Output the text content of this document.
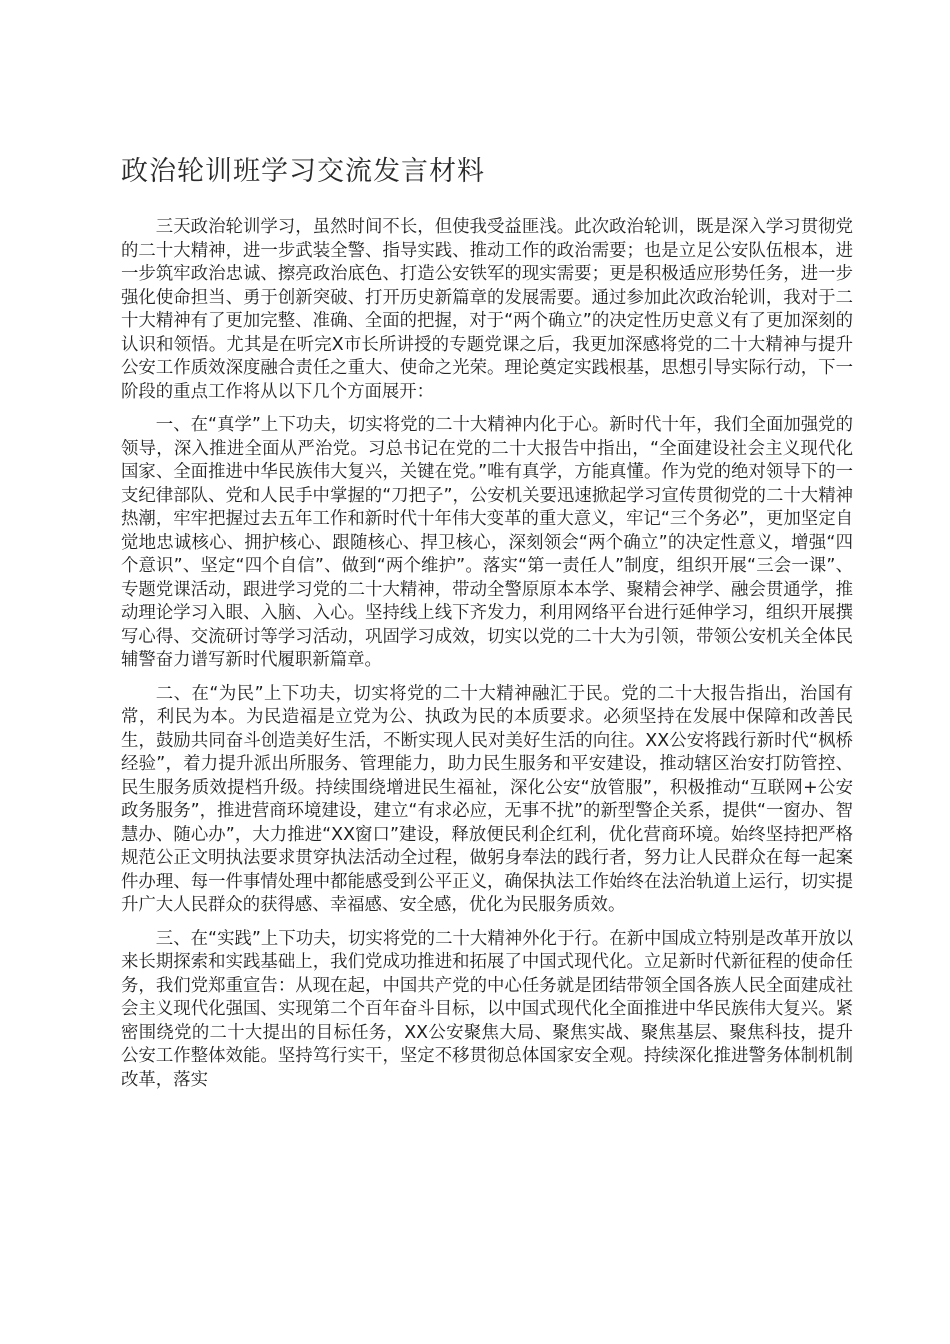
政治轮训班学习交流发言材料

三天政治轮训学习，虽然时间不长，但使我受益匪浅。此次政治轮训，既是深入学习贯彻党的二十大精神，进一步武装全警、指导实践、推动工作的政治需要；也是立足公安队伍根本，进一步筑牢政治忠诚、擦亮政治底色、打造公安铁军的现实需要；更是积极适应形势任务，进一步强化使命担当、勇于创新突破、打开历史新篇章的发展需要。通过参加此次政治轮训，我对于二十大精神有了更加完整、准确、全面的把握，对于“两个确立”的决定性历史意义有了更加深刻的认识和领悟。尤其是在听完X市长所讲授的专题党课之后，我更加深感将党的二十大精神与提升公安工作质效深度融合责任之重大、使命之光荣。理论奠定实践根基，思想引导实际行动，下一阶段的重点工作将从以下几个方面展开：

一、在“真学”上下功夫，切实将党的二十大精神内化于心。新时代十年，我们全面加强党的领导，深入推进全面从严治党。习总书记在党的二十大报告中指出，“全面建设社会主义现代化国家、全面推进中华民族伟大复兴，关键在党。”唯有真学，方能真懂。作为党的绝对领导下的一支纪律部队、党和人民手中掌握的“刀把子”，公安机关要迅速掀起学习宣传贯彻党的二十大精神热潮，牢牢把握过去五年工作和新时代十年伟大变革的重大意义，牢记“三个务必”，更加坚定自觉地忠诚核心、拥护核心、跟随核心、捍卫核心，深刻领会“两个确立”的决定性意义，增强“四个意识”、坚定“四个自信”、做到“两个维护”。落实“第一责任人”制度，组织开展“三会一课”、专题党课活动，跟进学习党的二十大精神，带动全警原原本本学、聚精会神学、融会贯通学，推动理论学习入眼、入脑、入心。坚持线上线下齐发力，利用网络平台进行延伸学习，组织开展撰写心得、交流研讨等学习活动，巩固学习成效，切实以党的二十大为引领，带领公安机关全体民辅警奋力谱写新时代履职新篇章。

二、在“为民”上下功夫，切实将党的二十大精神融汇于民。党的二十大报告指出，治国有常，利民为本。为民造福是立党为公、执政为民的本质要求。必须坚持在发展中保障和改善民生，鼓励共同奋斗创造美好生活，不断实现人民对美好生活的向往。XX公安将践行新时代“枫桥经验”，着力提升派出所服务、管理能力，助力民生服务和平安建设，推动辖区治安打防管控、民生服务质效提档升级。持续围绕增进民生福祉，深化公安“放管服”，积极推动“互联网+公安政务服务”，推进营商环境建设，建立“有求必应，无事不扰”的新型警企关系，提供“一窗办、智慧办、随心办”，大力推进“XX窗口”建设，释放便民利企红利，优化营商环境。始终坚持把严格规范公正文明执法要求贯穿执法活动全过程，做躬身奉法的践行者，努力让人民群众在每一起案件办理、每一件事情处理中都能感受到公平正义，确保执法工作始终在法治轨道上运行，切实提升广大人民群众的获得感、幸福感、安全感，优化为民服务质效。

三、在“实践”上下功夫，切实将党的二十大精神外化于行。在新中国成立特别是改革开放以来长期探索和实践基础上，我们党成功推进和拓展了中国式现代化。立足新时代新征程的使命任务，我们党郑重宣告：从现在起，中国共产党的中心任务就是团结带领全国各族人民全面建成社会主义现代化强国、实现第二个百年奋斗目标，以中国式现代化全面推进中华民族伟大复兴。紧密围绕党的二十大提出的目标任务，XX公安聚焦大局、聚焦实战、聚焦基层、聚焦科技，提升公安工作整体效能。坚持笃行实干，坚定不移贯彻总体国家安全观。持续深化推进警务体制机制改革，落实
